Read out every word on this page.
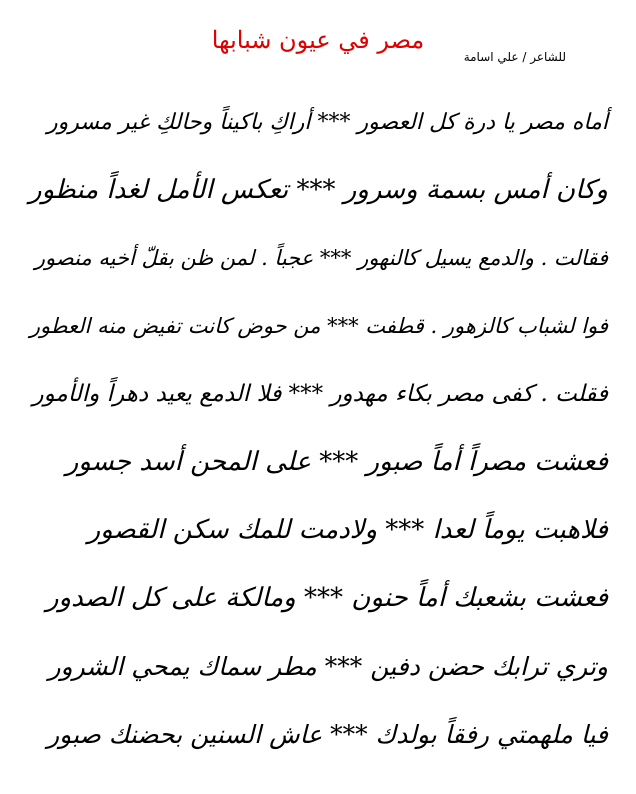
مصر في عيون شبابها
للشاعر / علي اسامة
أماه مصر يا درة كل العصور *** أراكِ باكيناً وحالكِ غير مسرور
وكان أمس بسمة وسرور *** تعكس الأمل لغداً منظور
فقالت . والدمع يسيل كالنهور *** عجباً . لمن ظن بقلّ أخيه منصور
فوا لشباب كالزهور . قطفت *** من حوض كانت تفيض منه العطور
فقلت . كفى مصر بكاء مهدور *** فلا الدمع يعيد دهراً والأمور
فعشت مصراً أماً صبور *** على المحن أسد جسور
فلاهبت يوماً لعدا *** ولادمت للمك سكن القصور
فعشت بشعبك أماً حنون *** ومالكة على كل الصدور
وتري ترابك حضن دفين *** مطر سماك يمحي الشرور
فيا ملهمتي رفقاً بولدك *** عاش السنين بحضنك صبور
